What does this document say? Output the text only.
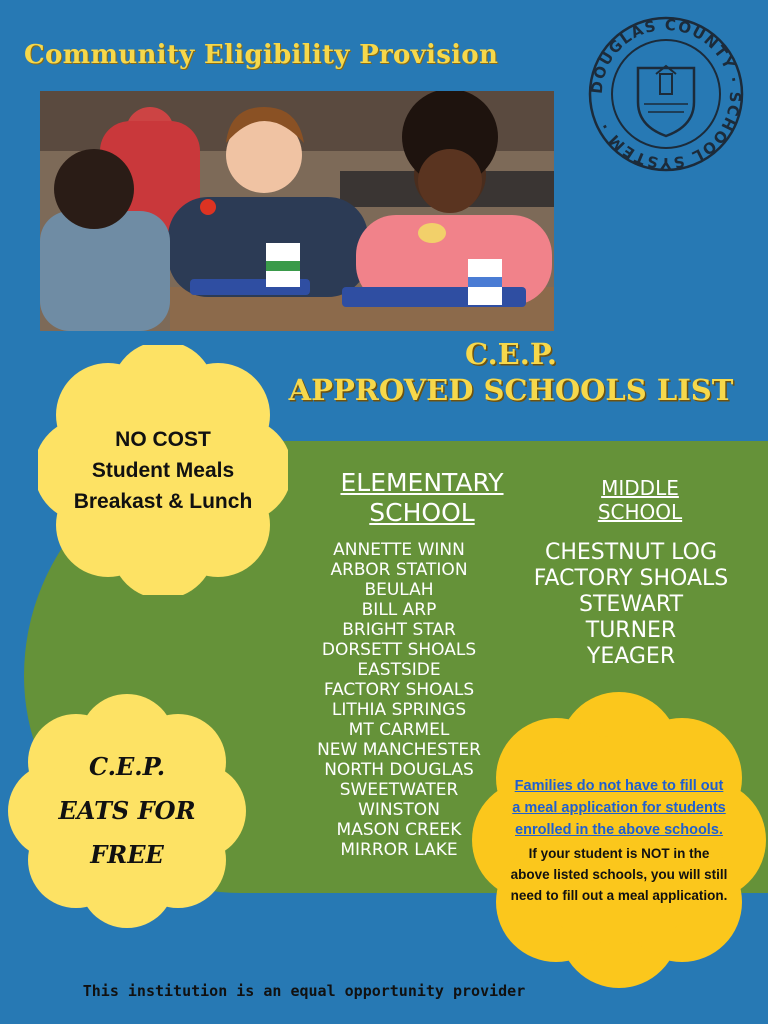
Community Eligibility Provision
DOUGLAS COUNTY · SCHOOL SYSTEM ·
C.E.P.
APPROVED SCHOOLS LIST
NO COST
Student Meals
Breakast & Lunch
ELEMENTARY
SCHOOL
MIDDLE
SCHOOL
ANNETTE WINN
ARBOR STATION
BEULAH
BILL ARP
BRIGHT STAR
DORSETT SHOALS
EASTSIDE
FACTORY SHOALS
LITHIA SPRINGS
MT CARMEL
NEW MANCHESTER
NORTH DOUGLAS
SWEETWATER
WINSTON
MASON CREEK
MIRROR LAKE
CHESTNUT LOG
FACTORY SHOALS
STEWART
TURNER
YEAGER
C.E.P.
EATS FOR
FREE
Families do not have to fill out a meal application for students enrolled in the above schools.
If your student is NOT in the above listed schools, you will still need to fill out a meal application.
This institution is an equal opportunity provider
